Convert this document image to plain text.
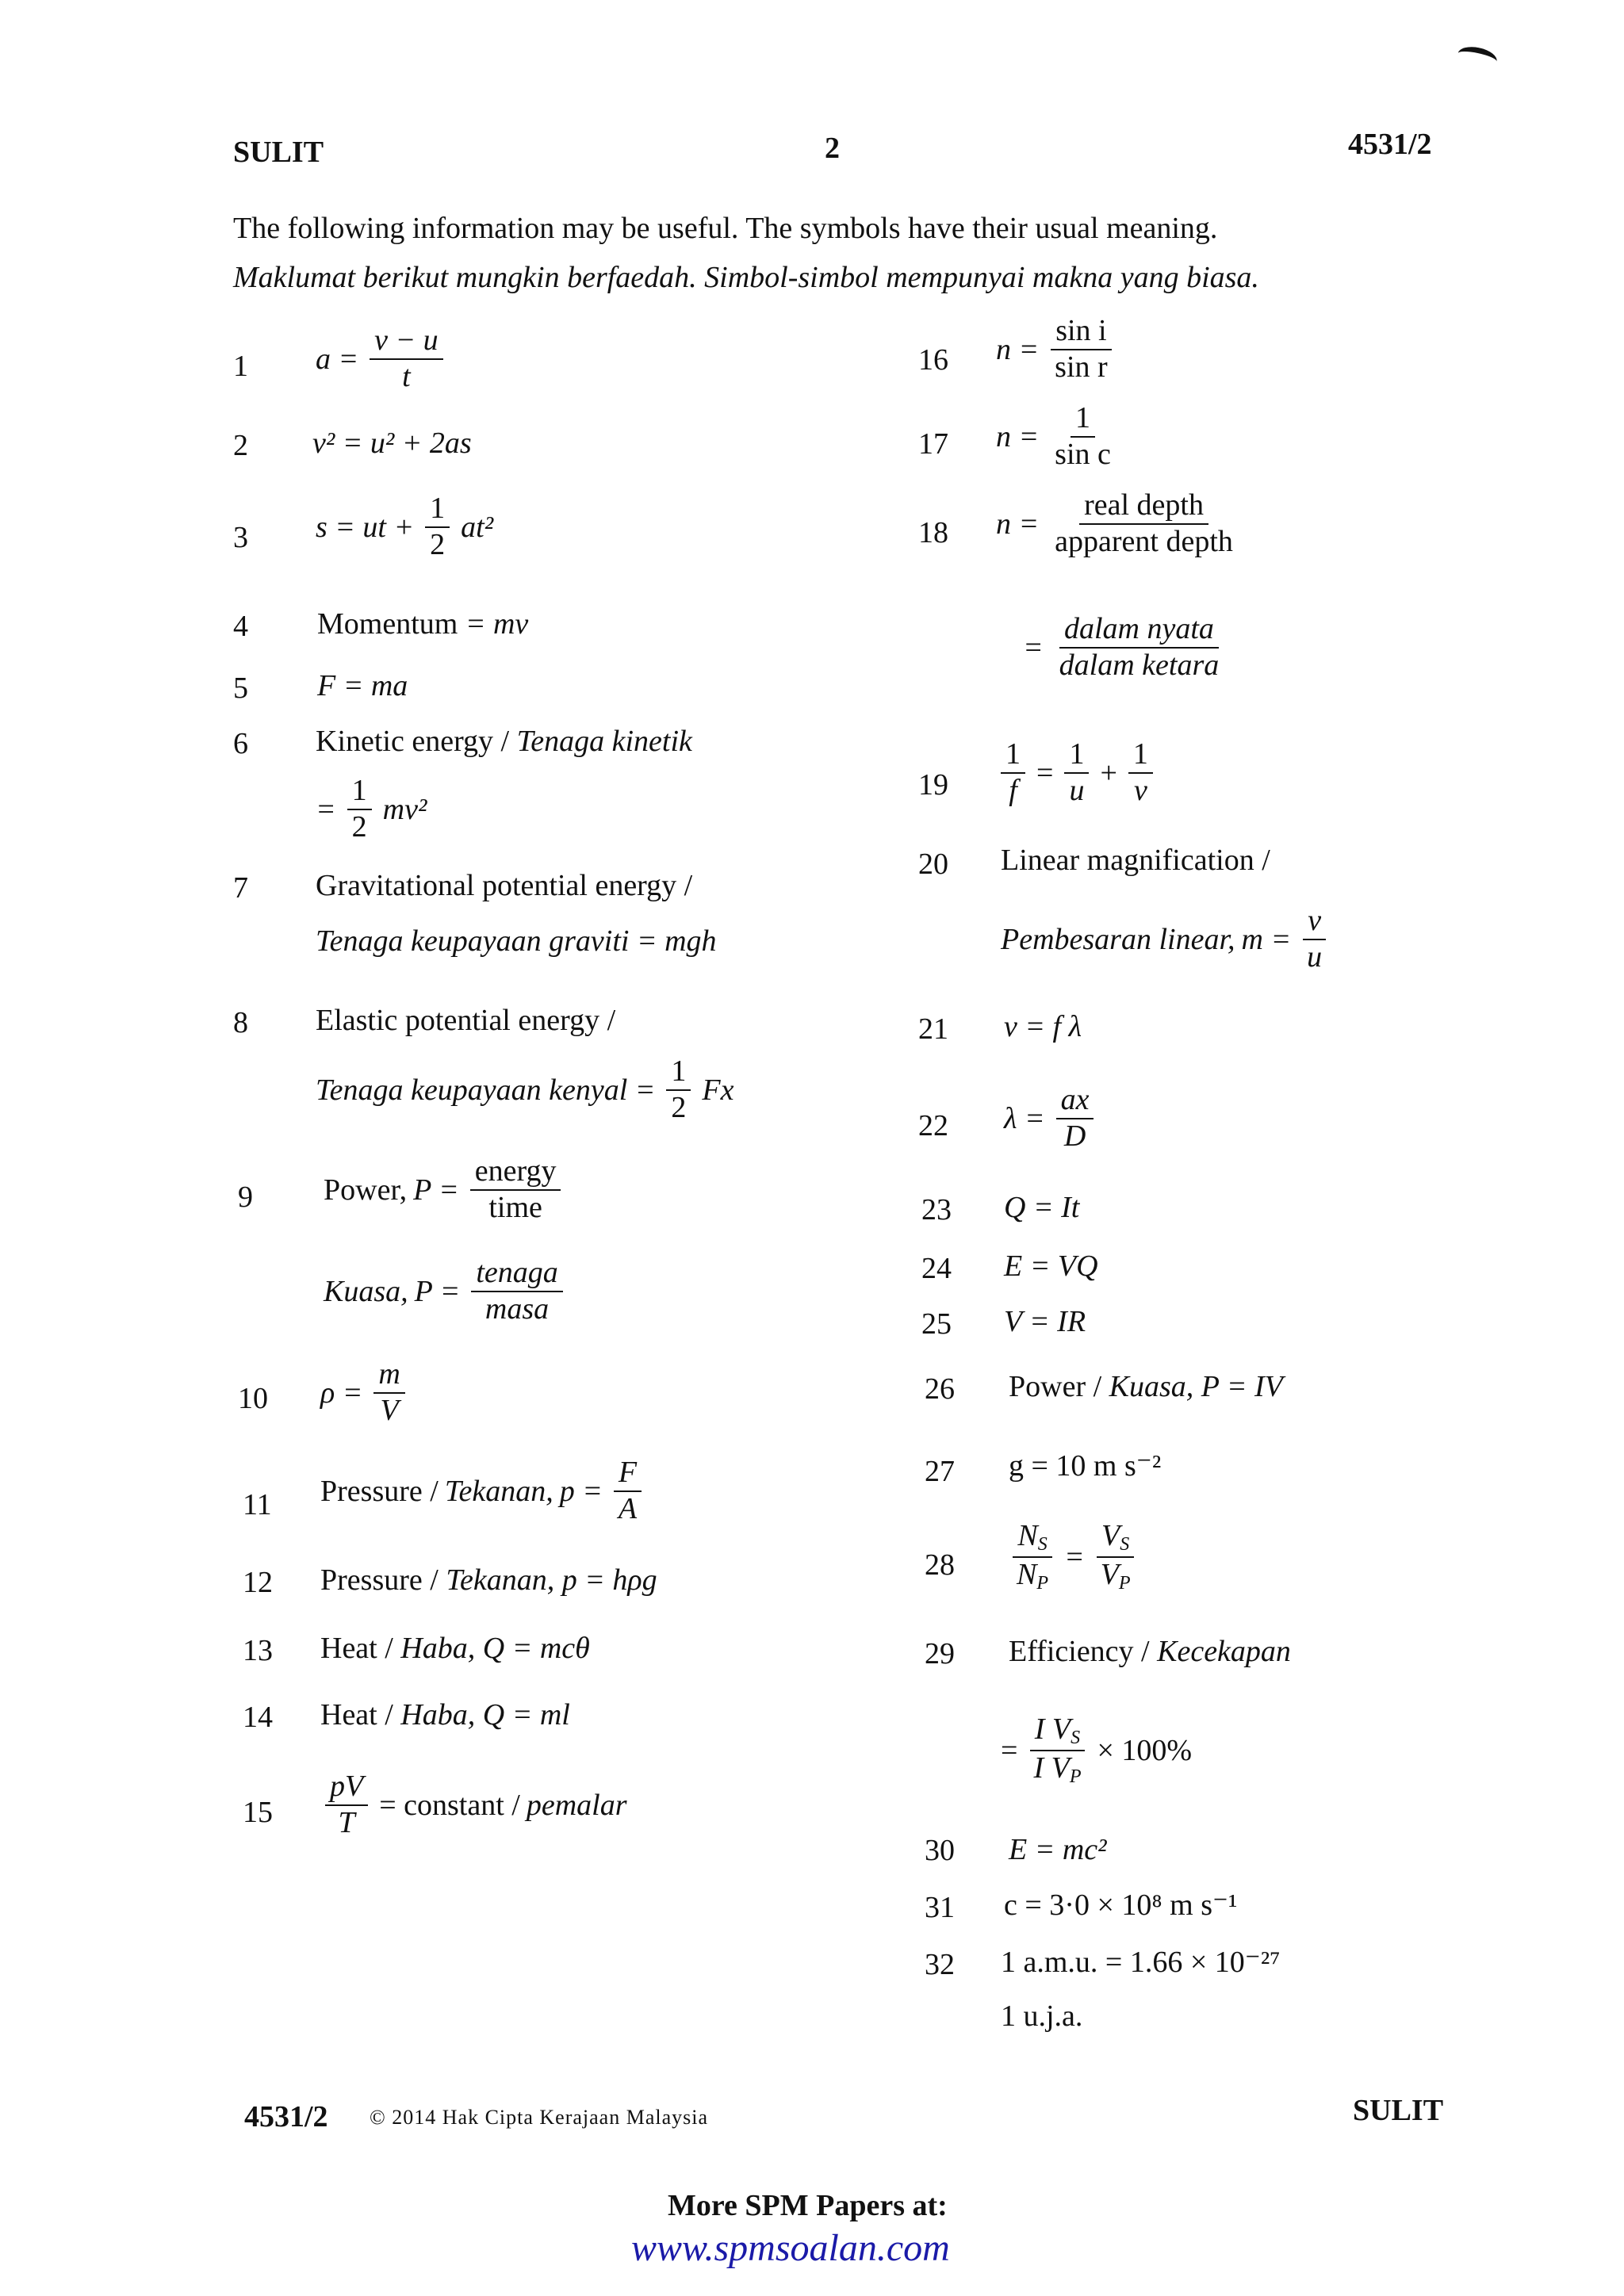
SULIT	2	4531/2
The following information may be useful. The symbols have their usual meaning.
Maklumat berikut mungkin berfaedah. Simbol-simbol mempunyai makna yang biasa.
1 $a = \frac{v - u}{t}$
2 v² = u² + 2as
3 s = ut + $\frac{1}{2} at^2$
4 Momentum = mv
5 F = ma
6 Kinetic energy / Tenaga kinetik
= $\frac{1}{2} mv^2$
7 Gravitational potential energy /
Tenaga keupayaan graviti = mgh
8 Elastic potential energy /
Tenaga keupayaan kenyal = $\frac{1}{2}$ Fx
9 Power, $P = \frac{\text{energy}}{\text{time}}$
Kuasa, $P = \frac{\text{tenaga}}{\text{masa}}$
10 $\rho = \frac{m}{V}$
11 Pressure / Tekanan, $p = \frac{F}{A}$
12 Pressure / Tekanan, p = hρg
13 Heat / Haba, Q = mcθ
14 Heat / Haba, Q = ml
$15 \frac{pV}{T}$ = constant / pemalar
16 $n = \frac{\text{sin i}}{\text{sin r}}$
17 $n = \frac{1}{\text{sin c}}$
18 $n = \frac{\text{real depth}}{\text{apparent depth}}$
= $\frac{\text{dalam nyata}}{\text{dalam ketara}}$
$19 \frac{1}{f} = \frac{1}{u} + \frac{1}{v}$
20 Linear magnification /
Pembesaran linear, $m = \frac{v}{u}$
21 v = f λ
22 $\lambda = \frac{ax}{D}$
23 Q = It
24 E = VQ
25 V = IR
26 Power / Kuasa, P = IV
27 g = 10 m s⁻²
$28 \frac{N_S}{N_P} = \frac{V_S}{V_P}$
29 Efficiency / Kecekapan
= $\frac{I V_S}{I V_P} \times 100\%$
30 E = mc²
31 c = 3·0 × 10⁸ m s⁻¹
32 1 a.m.u. = 1.66 × 10⁻²⁷
1 u.j.a.
4531/2 © 2014 Hak Cipta Kerajaan Malaysia	SULIT
More SPM Papers at:
www.spmsoalan.com
